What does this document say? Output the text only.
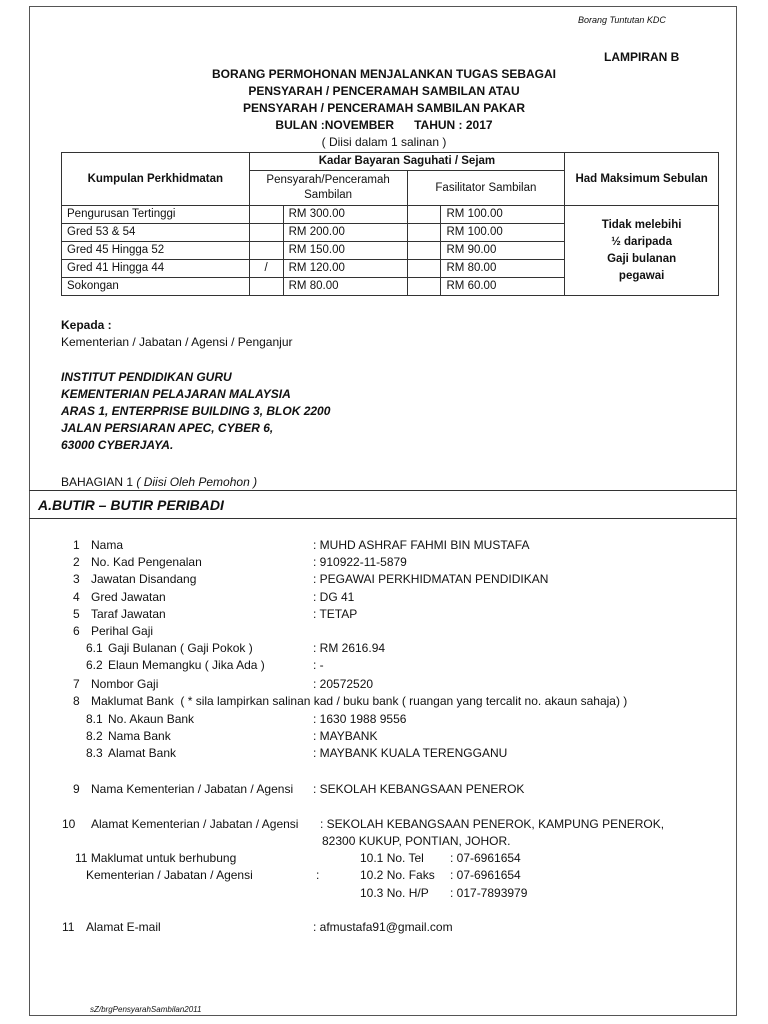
Borang Tuntutan KDC
LAMPIRAN B
BORANG PERMOHONAN MENJALANKAN TUGAS SEBAGAI
PENSYARAH / PENCERAMAH SAMBILAN ATAU
PENSYARAH / PENCERAMAH SAMBILAN PAKAR
BULAN :NOVEMBER      TAHUN : 2017
( Diisi dalam 1 salinan )
Kumpulan Perkhidmatan	Kadar Bayaran Saguhati / Sejam				Had Maksimum Sebulan
	Pensyarah/Penceramah Sambilan		Fasilitator Sambilan		
Pengurusan Tertinggi		RM 300.00		RM 100.00	Tidak melebihi
½ daripada
Gaji bulanan
pegawai

Gred 53 & 54		RM 200.00		RM 100.00	
Gred 45 Hingga 52		RM 150.00		RM 90.00	
Gred 41 Hingga 44	/	RM 120.00		RM 80.00	
Sokongan		RM 80.00		RM 60.00	
Kepada :
Kementerian / Jabatan / Agensi / Penganjur
INSTITUT PENDIDIKAN GURU
KEMENTERIAN PELAJARAN MALAYSIA
ARAS 1, ENTERPRISE BUILDING 3, BLOK 2200
JALAN PERSIARAN APEC, CYBER 6,
63000 CYBERJAYA.
BAHAGIAN 1 ( Diisi Oleh Pemohon )
A.BUTIR – BUTIR PERIBADI
1 Nama	: MUHD ASHRAF FAHMI BIN MUSTAFA
2 No. Kad Pengenalan	: 910922-11-5879
3 Jawatan Disandang	: PEGAWAI PERKHIDMATAN PENDIDIKAN
4 Gred Jawatan	: DG 41
5 Taraf Jawatan	: TETAP
6 Perihal Gaji
6.1 Gaji Bulanan ( Gaji Pokok )	: RM 2616.94
6.2 Elaun Memangku ( Jika Ada )	: -
7 Nombor Gaji	: 20572520
8 Maklumat Bank  ( * sila lampirkan salinan kad / buku bank ( ruangan yang tercalit no. akaun sahaja) )
8.1 No. Akaun Bank	: 1630 1988 9556
8.2 Nama Bank	: MAYBANK
8.3 Alamat Bank	: MAYBANK KUALA TERENGGANU
9 Nama Kementerian / Jabatan / Agensi : SEKOLAH KEBANGSAAN PENEROK
10 Alamat Kementerian / Jabatan / Agensi : SEKOLAH KEBANGSAAN PENEROK, KAMPUNG PENEROK,
82300 KUKUP, PONTIAN, JOHOR.
11 Maklumat untuk berhubung
Kementerian / Jabatan / Agensi	:
10.1 No. Tel : 07-6961654
10.2 No. Faks : 07-6961654
10.3 No. H/P : 017-7893979
11 Alamat E-mail	: afmustafa91@gmail.com
sZ/brgPensyarahSambilan2011
